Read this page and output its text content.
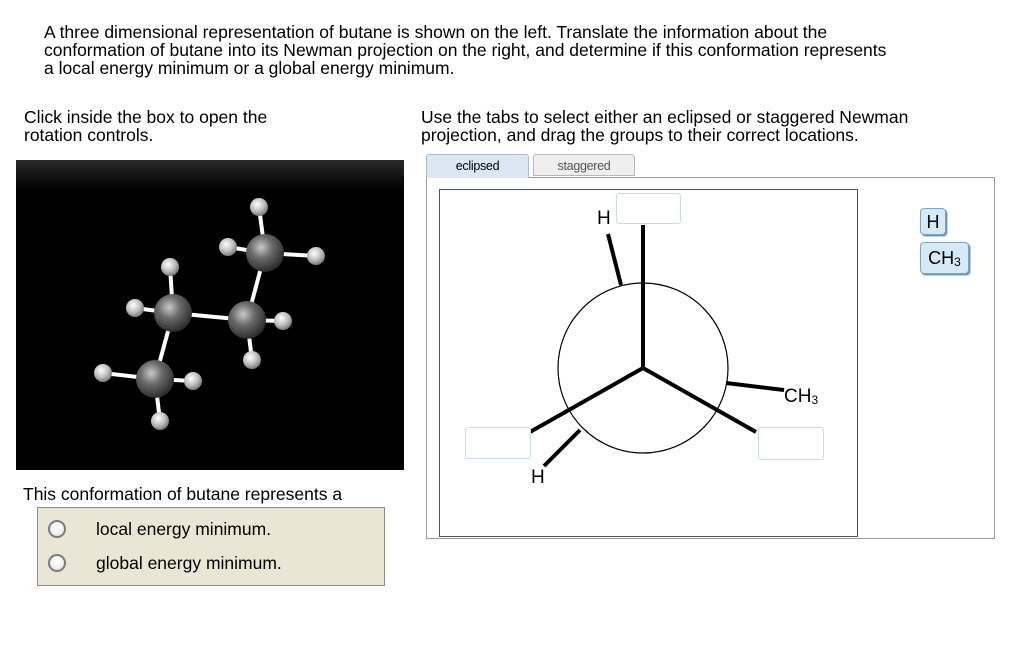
A three dimensional representation of butane is shown on the left. Translate the information about the
conformation of butane into its Newman projection on the right, and determine if this conformation represents
a local energy minimum or a global energy minimum.
Click inside the box to open the
rotation controls.
This conformation of butane represents a
local energy minimum.
global energy minimum.
Use the tabs to select either an eclipsed or staggered Newman
projection, and drag the groups to their correct locations.
eclipsed	staggered
H
H
$CH_3$
H
$CH_3$
